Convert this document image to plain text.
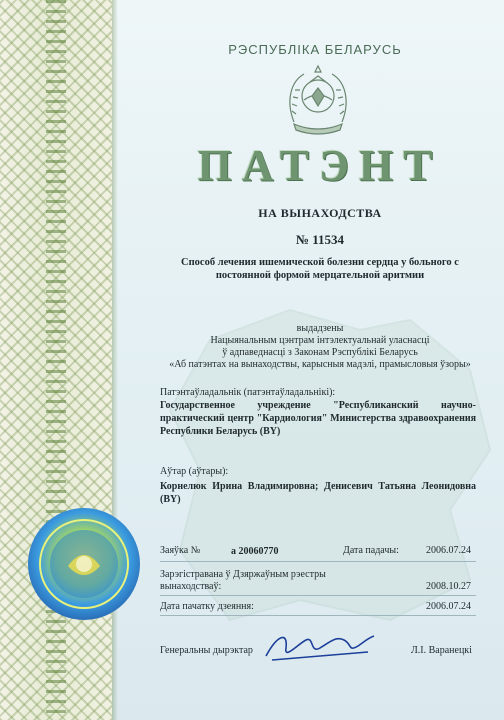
РЭСПУБЛІКА БЕЛАРУСЬ

ПАТЭНТ

НА ВЫНАХОДСТВА

№ 11534

Способ лечения ишемической болезни сердца у больного с постоянной формой мерцательной аритмии

выдадзены
Нацыянальным цэнтрам інтэлектуальнай уласнасці
ў адпаведнасці з Законам Рэспублікі Беларусь
«Аб патэнтах на вынаходствы, карысныя мадэлі, прамысловыя ўзоры»

Патэнтаўладальнік (патэнтаўладальнікі):

Государственное учреждение "Республиканский научно-практический центр "Кардиология" Министерства здравоохранения Республики Беларусь (BY)

Аўтар (аўтары):

Корнелюк Ирина Владимировна; Денисевич Татьяна Леонидовна (BY)

Заяўка №	а 20060770	Дата падачы:	2006.07.24

Зарэгістравана ў Дзяржаўным рэестры вынаходстваў:	2008.10.27

Дата пачатку дзеяння:	2006.07.24

Генеральны дырэктар	Л.І. Варанецкі
